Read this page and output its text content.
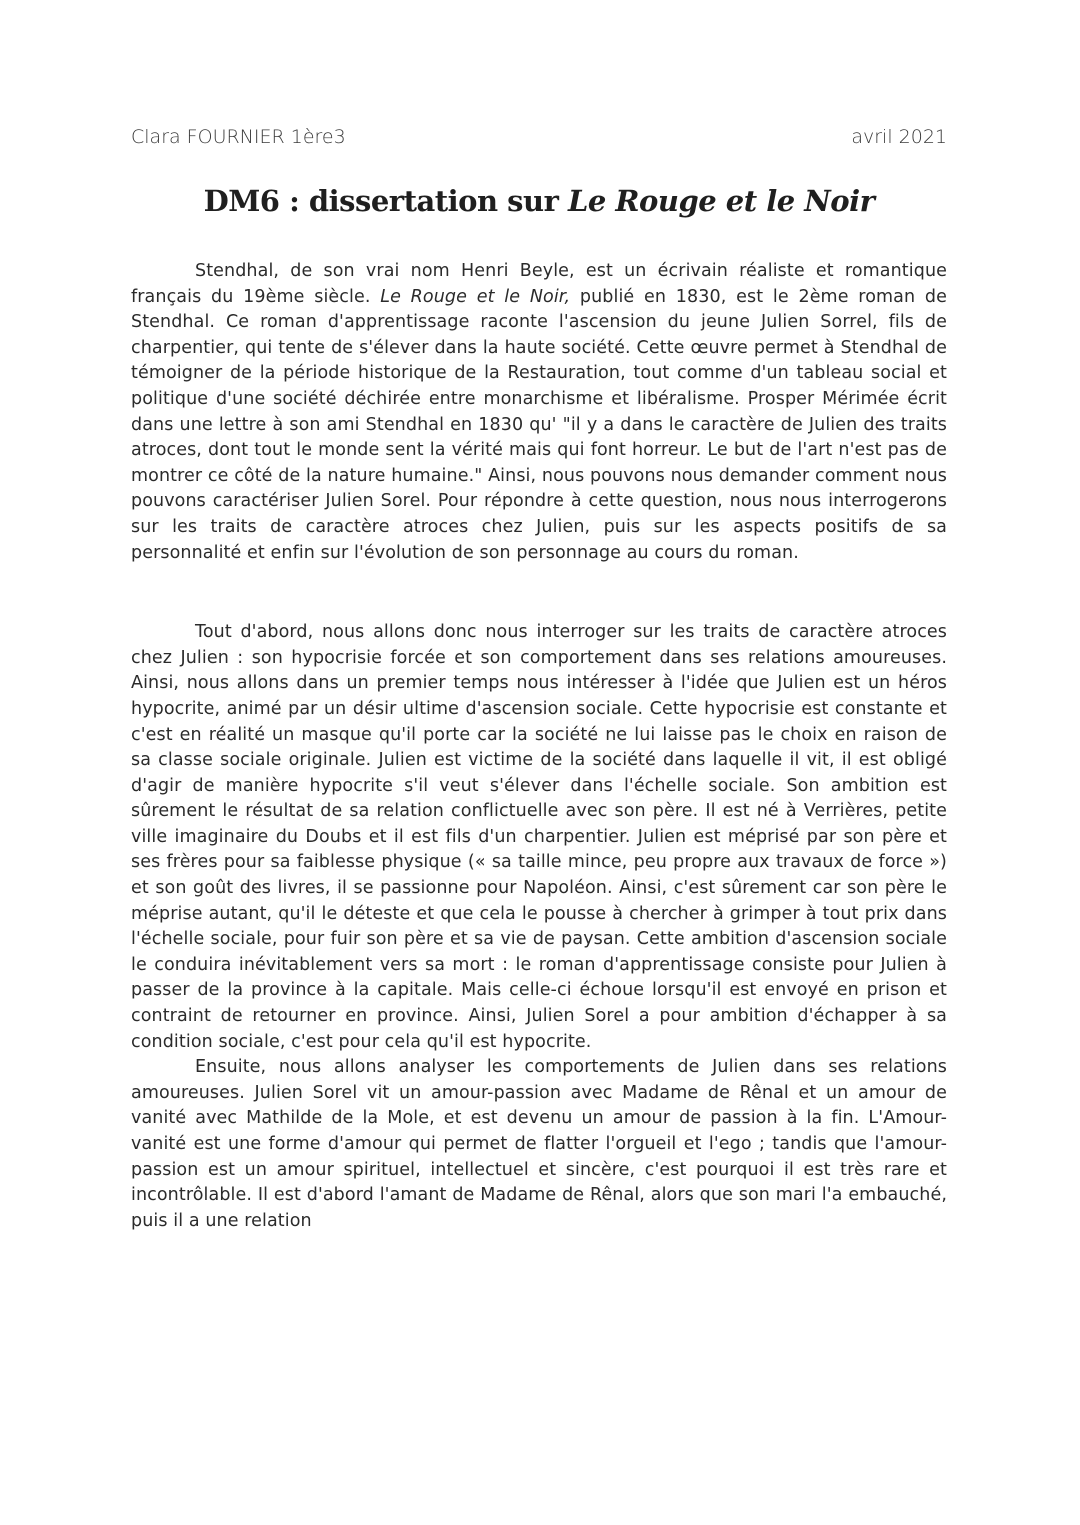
Clara FOURNIER 1ère3	avril 2021
DM6 : dissertation sur Le Rouge et le Noir

Stendhal, de son vrai nom Henri Beyle, est un écrivain réaliste et romantique français du 19ème siècle. Le Rouge et le Noir, publié en 1830, est le 2ème roman de Stendhal. Ce roman d'apprentissage raconte l'ascension du jeune Julien Sorrel, fils de charpentier, qui tente de s'élever dans la haute société. Cette œuvre permet à Stendhal de témoigner de la période historique de la Restauration, tout comme d'un tableau social et politique d'une société déchirée entre monarchisme et libéralisme. Prosper Mérimée écrit dans une lettre à son ami Stendhal en 1830 qu' "il y a dans le caractère de Julien des traits atroces, dont tout le monde sent la vérité mais qui font horreur. Le but de l'art n'est pas de montrer ce côté de la nature humaine." Ainsi, nous pouvons nous demander comment nous pouvons caractériser Julien Sorel. Pour répondre à cette question, nous nous interrogerons sur les traits de caractère atroces chez Julien, puis sur les aspects positifs de sa personnalité et enfin sur l'évolution de son personnage au cours du roman.

Tout d'abord, nous allons donc nous interroger sur les traits de caractère atroces chez Julien : son hypocrisie forcée et son comportement dans ses relations amoureuses. Ainsi, nous allons dans un premier temps nous intéresser à l'idée que Julien est un héros hypocrite, animé par un désir ultime d'ascension sociale. Cette hypocrisie est constante et c'est en réalité un masque qu'il porte car la société ne lui laisse pas le choix en raison de sa classe sociale originale. Julien est victime de la société dans laquelle il vit, il est obligé d'agir de manière hypocrite s'il veut s'élever dans l'échelle sociale. Son ambition est sûrement le résultat de sa relation conflictuelle avec son père. Il est né à Verrières, petite ville imaginaire du Doubs et il est fils d'un charpentier. Julien est méprisé par son père et ses frères pour sa faiblesse physique (« sa taille mince, peu propre aux travaux de force ») et son goût des livres, il se passionne pour Napoléon. Ainsi, c'est sûrement car son père le méprise autant, qu'il le déteste et que cela le pousse à chercher à grimper à tout prix dans l'échelle sociale, pour fuir son père et sa vie de paysan. Cette ambition d'ascension sociale le conduira inévitablement vers sa mort : le roman d'apprentissage consiste pour Julien à passer de la province à la capitale. Mais celle-ci échoue lorsqu'il est envoyé en prison et contraint de retourner en province. Ainsi, Julien Sorel a pour ambition d'échapper à sa condition sociale, c'est pour cela qu'il est hypocrite.

Ensuite, nous allons analyser les comportements de Julien dans ses relations amoureuses. Julien Sorel vit un amour-passion avec Madame de Rênal et un amour de vanité avec Mathilde de la Mole, et est devenu un amour de passion à la fin. L'Amour-vanité est une forme d'amour qui permet de flatter l'orgueil et l'ego ; tandis que l'amour-passion est un amour spirituel, intellectuel et sincère, c'est pourquoi il est très rare et incontrôlable. Il est d'abord l'amant de Madame de Rênal, alors que son mari l'a embauché, puis il a une relation
